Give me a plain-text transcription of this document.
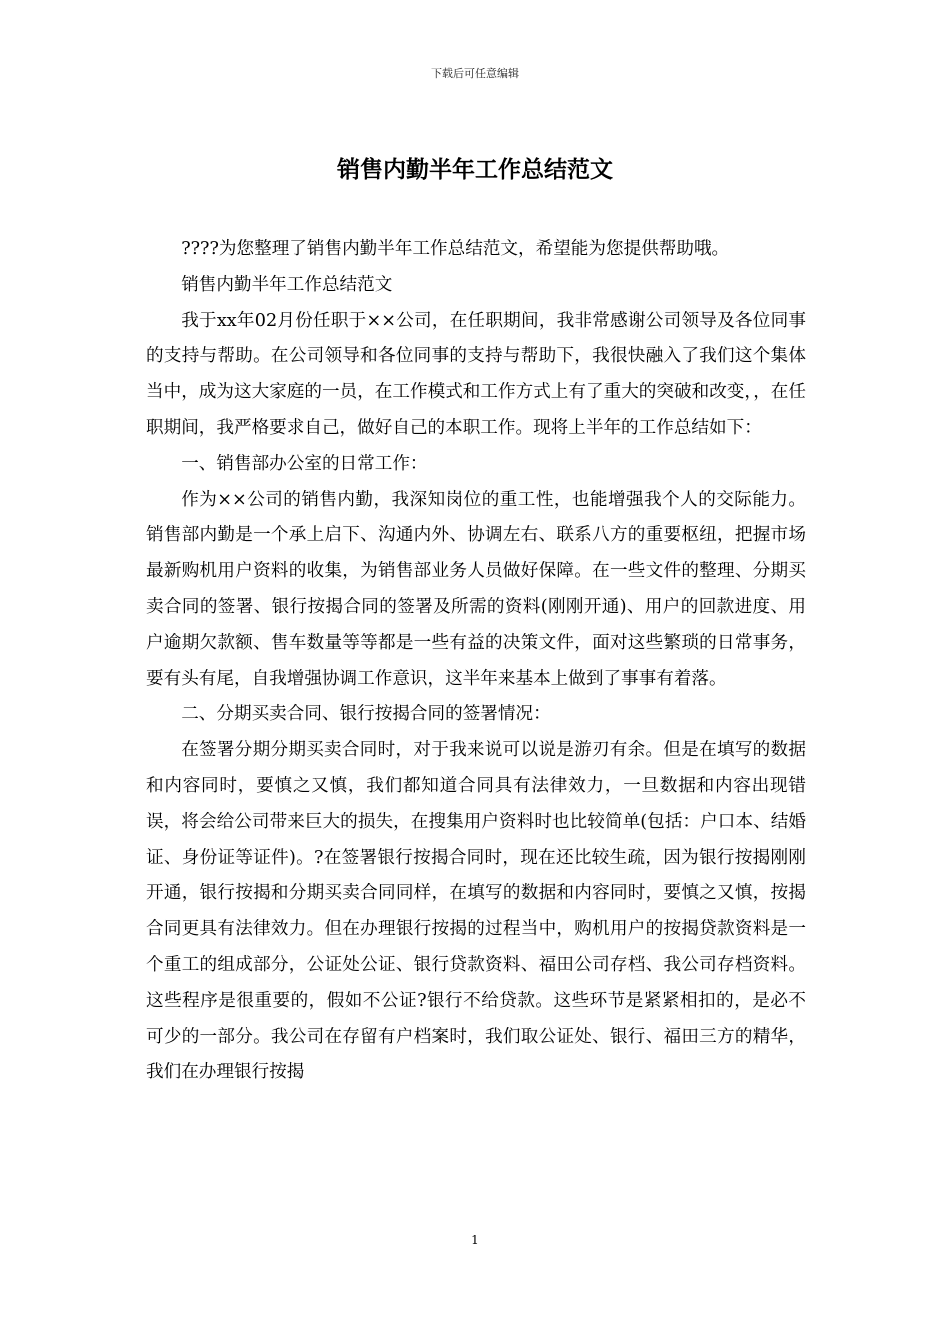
下载后可任意编辑
销售内勤半年工作总结范文

????为您整理了销售内勤半年工作总结范文，希望能为您提供帮助哦。

销售内勤半年工作总结范文

我于xx年02月份任职于××公司，在任职期间，我非常感谢公司领导及各位同事的支持与帮助。在公司领导和各位同事的支持与帮助下，我很快融入了我们这个集体当中，成为这大家庭的一员，在工作模式和工作方式上有了重大的突破和改变，，在任职期间，我严格要求自己，做好自己的本职工作。现将上半年的工作总结如下：

一、销售部办公室的日常工作：

作为××公司的销售内勤，我深知岗位的重工性，也能增强我个人的交际能力。销售部内勤是一个承上启下、沟通内外、协调左右、联系八方的重要枢纽，把握市场最新购机用户资料的收集，为销售部业务人员做好保障。在一些文件的整理、分期买卖合同的签署、银行按揭合同的签署及所需的资料(刚刚开通)、用户的回款进度、用户逾期欠款额、售车数量等等都是一些有益的决策文件，面对这些繁琐的日常事务，要有头有尾，自我增强协调工作意识，这半年来基本上做到了事事有着落。

二、分期买卖合同、银行按揭合同的签署情况：

在签署分期分期买卖合同时，对于我来说可以说是游刃有余。但是在填写的数据和内容同时，要慎之又慎，我们都知道合同具有法律效力，一旦数据和内容出现错误，将会给公司带来巨大的损失，在搜集用户资料时也比较简单(包括：户口本、结婚证、身份证等证件)。?在签署银行按揭合同时，现在还比较生疏，因为银行按揭刚刚开通，银行按揭和分期买卖合同同样，在填写的数据和内容同时，要慎之又慎，按揭合同更具有法律效力。但在办理银行按揭的过程当中，购机用户的按揭贷款资料是一个重工的组成部分，公证处公证、银行贷款资料、福田公司存档、我公司存档资料。这些程序是很重要的，假如不公证?银行不给贷款。这些环节是紧紧相扣的，是必不可少的一部分。我公司在存留有户档案时，我们取公证处、银行、福田三方的精华，我们在办理银行按揭

1
